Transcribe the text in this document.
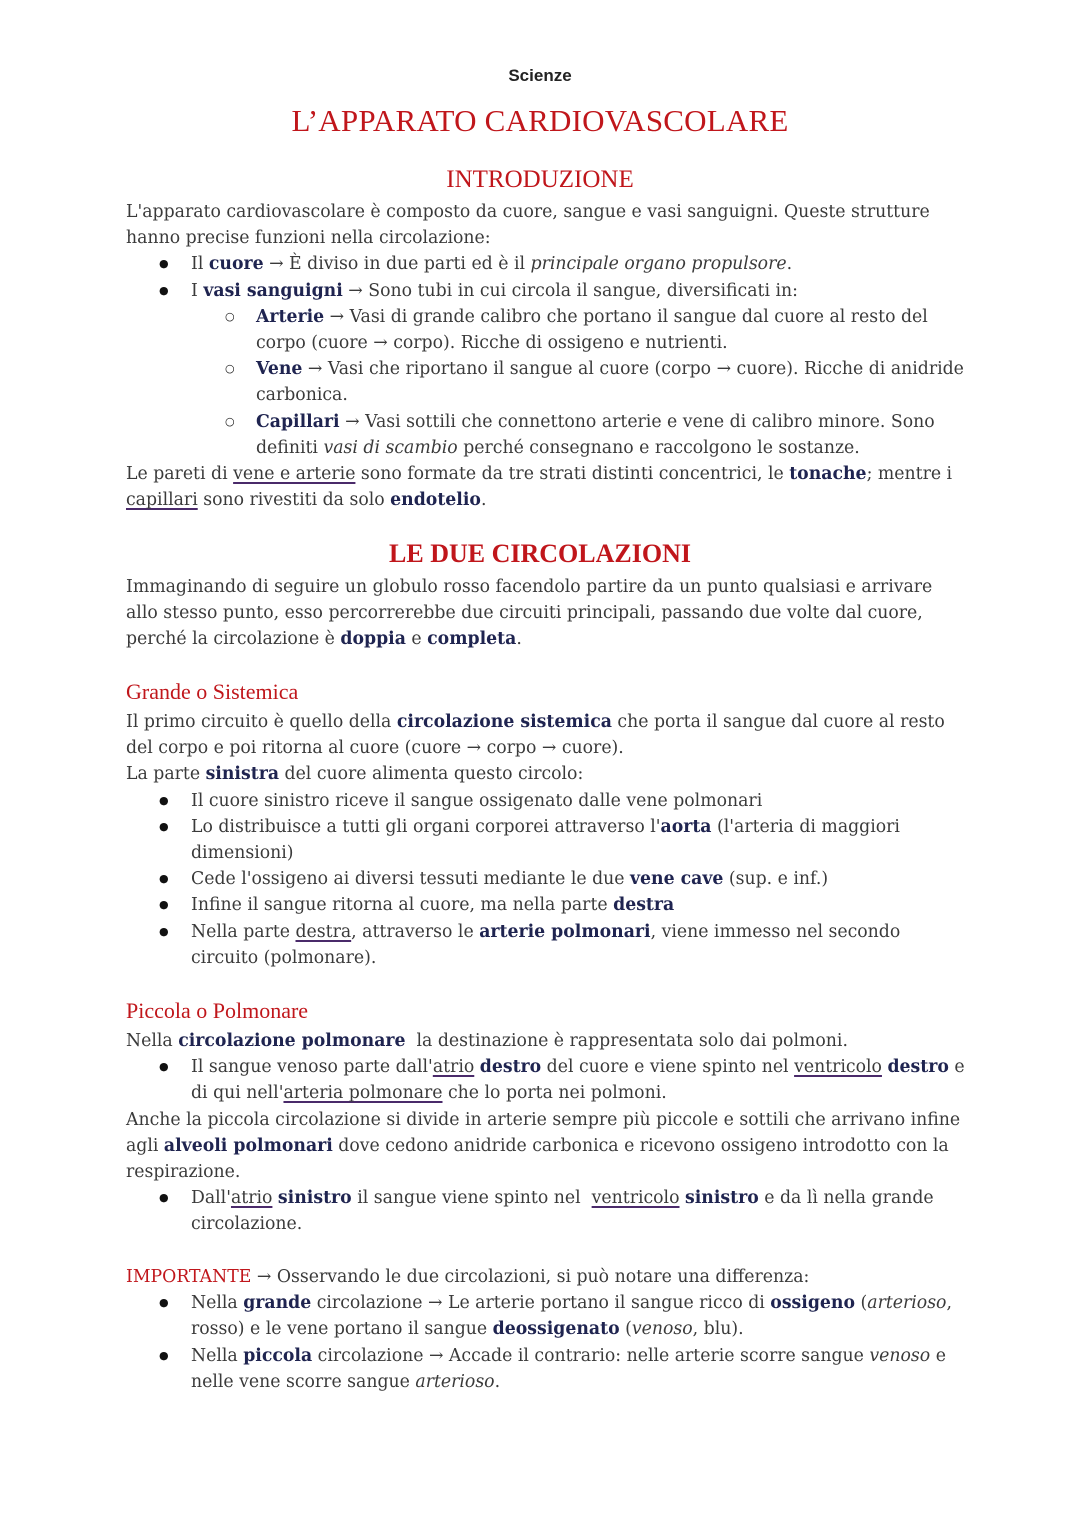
Scienze
L’APPARATO CARDIOVASCOLARE
INTRODUZIONE

L'apparato cardiovascolare è composto da cuore, sangue e vasi sanguigni. Queste strutture hanno precise funzioni nella circolazione:

● Il cuore → È diviso in due parti ed è il principale organo propulsore.
● I vasi sanguigni → Sono tubi in cui circola il sangue, diversificati in:
○ Arterie → Vasi di grande calibro che portano il sangue dal cuore al resto del corpo (cuore → corpo). Ricche di ossigeno e nutrienti.
○ Vene → Vasi che riportano il sangue al cuore (corpo → cuore). Ricche di anidride carbonica.
○ Capillari → Vasi sottili che connettono arterie e vene di calibro minore. Sono definiti vasi di scambio perché consegnano e raccolgono le sostanze.

Le pareti di vene e arterie sono formate da tre strati distinti concentrici, le tonache; mentre i capillari sono rivestiti da solo endotelio.

LE DUE CIRCOLAZIONI

Immaginando di seguire un globulo rosso facendolo partire da un punto qualsiasi e arrivare allo stesso punto, esso percorrerebbe due circuiti principali, passando due volte dal cuore, perché la circolazione è doppia e completa.

Grande o Sistemica

Il primo circuito è quello della circolazione sistemica che porta il sangue dal cuore al resto del corpo e poi ritorna al cuore (cuore → corpo → cuore).

La parte sinistra del cuore alimenta questo circolo:

● Il cuore sinistro riceve il sangue ossigenato dalle vene polmonari
● Lo distribuisce a tutti gli organi corporei attraverso l'aorta (l'arteria di maggiori dimensioni)
● Cede l'ossigeno ai diversi tessuti mediante le due vene cave (sup. e inf.)
● Infine il sangue ritorna al cuore, ma nella parte destra
● Nella parte destra, attraverso le arterie polmonari, viene immesso nel secondo circuito (polmonare).
Piccola o Polmonare

Nella circolazione polmonare  la destinazione è rappresentata solo dai polmoni.

● Il sangue venoso parte dall'atrio destro del cuore e viene spinto nel ventricolo destro e di qui nell'arteria polmonare che lo porta nei polmoni.

Anche la piccola circolazione si divide in arterie sempre più piccole e sottili che arrivano infine agli alveoli polmonari dove cedono anidride carbonica e ricevono ossigeno introdotto con la respirazione.

● Dall'atrio sinistro il sangue viene spinto nel  ventricolo sinistro e da lì nella grande circolazione.

IMPORTANTE → Osservando le due circolazioni, si può notare una differenza:

● Nella grande circolazione → Le arterie portano il sangue ricco di ossigeno (arterioso, rosso) e le vene portano il sangue deossigenato (venoso, blu).
● Nella piccola circolazione → Accade il contrario: nelle arterie scorre sangue venoso e nelle vene scorre sangue arterioso.
